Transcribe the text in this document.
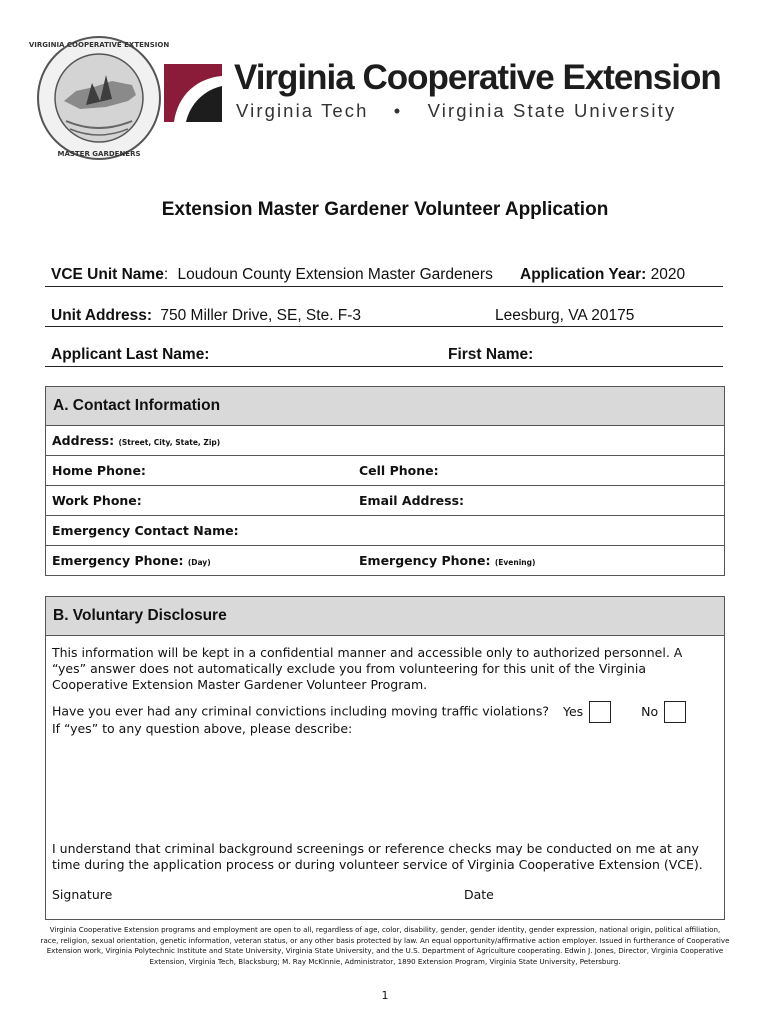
VIRGINIA COOPERATIVE EXTENSION
MASTER GARDENERS
Virginia Cooperative Extension
Virginia Tech • Virginia State University
Extension Master Gardener Volunteer Application
VCE Unit Name: Loudoun County Extension Master Gardeners Application Year: 2020
Unit Address: 750 Miller Drive, SE, Ste. F-3	Leesburg, VA 20175
Applicant Last Name:	First Name:
A. Contact Information
Address: (Street, City, State, Zip)
Home Phone:	Cell Phone:
Work Phone:	Email Address:
Emergency Contact Name:
Emergency Phone: (Day)	Emergency Phone: (Evening)
B. Voluntary Disclosure
This information will be kept in a confidential manner and accessible only to authorized personnel. A “yes” answer does not automatically exclude you from volunteering for this unit of the Virginia Cooperative Extension Master Gardener Volunteer Program.
Have you ever had any criminal convictions including moving traffic violations? Yes	No
If “yes” to any question above, please describe:
I understand that criminal background screenings or reference checks may be conducted on me at any time during the application process or during volunteer service of Virginia Cooperative Extension (VCE).
Signature	Date
Virginia Cooperative Extension programs and employment are open to all, regardless of age, color, disability, gender, gender identity, gender expression, national origin, political affiliation, race, religion, sexual orientation, genetic information, veteran status, or any other basis protected by law. An equal opportunity/affirmative action employer. Issued in furtherance of Cooperative Extension work, Virginia Polytechnic Institute and State University, Virginia State University, and the U.S. Department of Agriculture cooperating. Edwin J. Jones, Director, Virginia Cooperative Extension, Virginia Tech, Blacksburg; M. Ray McKinnie, Administrator, 1890 Extension Program, Virginia State University, Petersburg.
1
